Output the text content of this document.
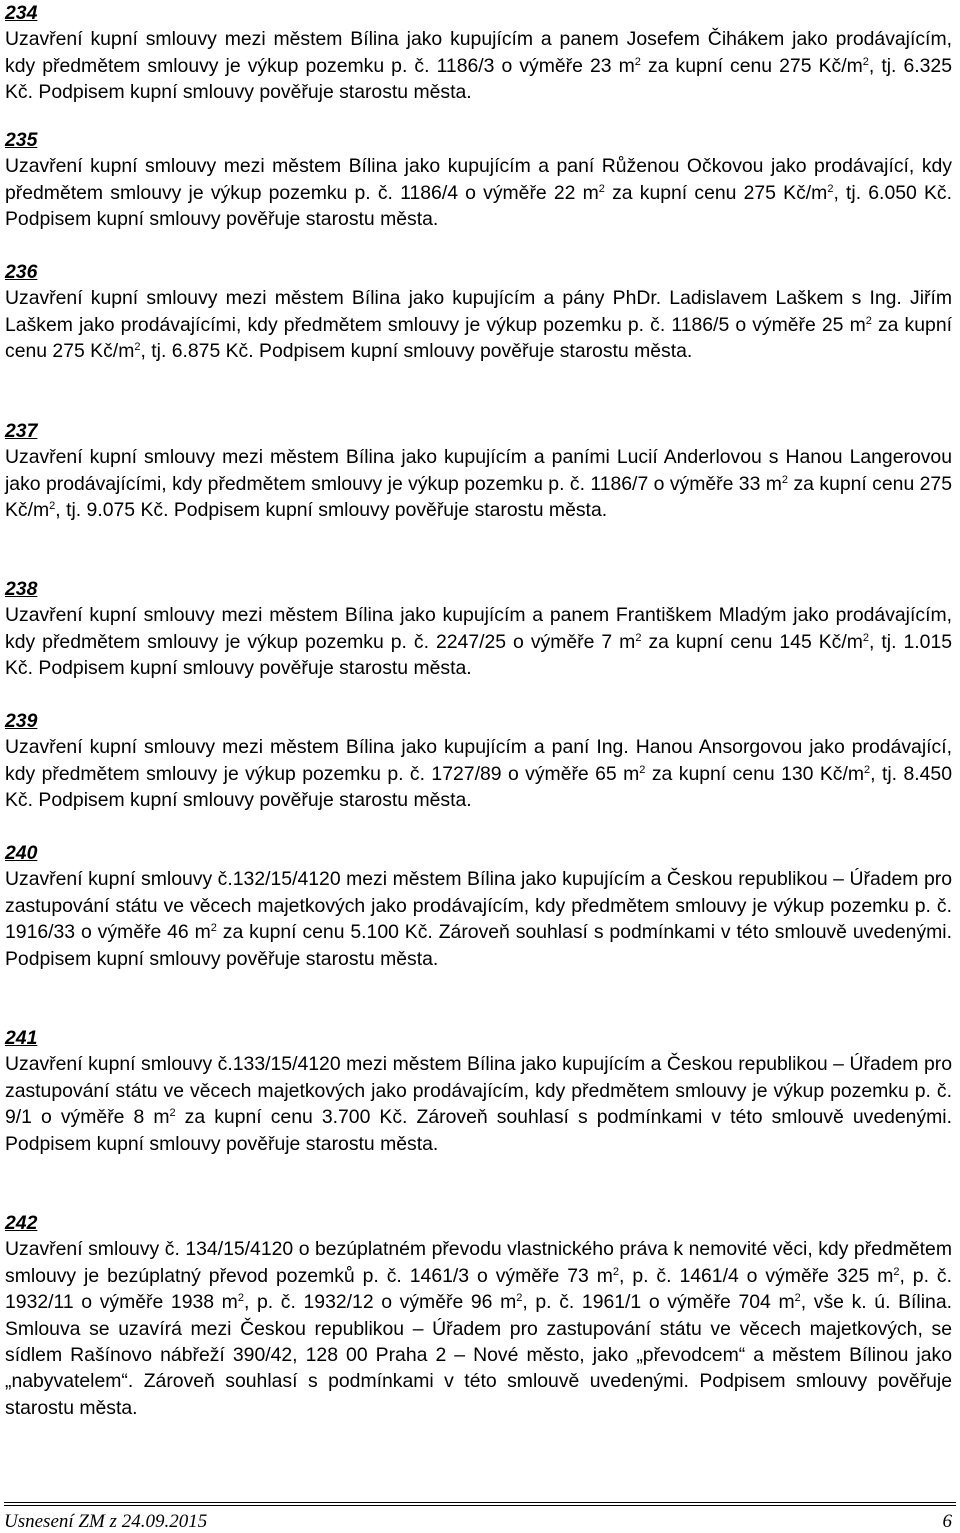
234
Uzavření kupní smlouvy mezi městem Bílina jako kupujícím a panem Josefem Čihákem jako prodávajícím, kdy předmětem smlouvy je výkup pozemku p. č. 1186/3 o výměře 23 $m^2$ za kupní cenu 275 $Kč/m^2$, tj. 6.325 Kč. Podpisem kupní smlouvy pověřuje starostu města.
235
Uzavření kupní smlouvy mezi městem Bílina jako kupujícím a paní Růženou Očkovou jako prodávající, kdy předmětem smlouvy je výkup pozemku p. č. 1186/4 o výměře 22 $m^2$ za kupní cenu 275 $Kč/m^2$, tj. 6.050 Kč. Podpisem kupní smlouvy pověřuje starostu města.
236
Uzavření kupní smlouvy mezi městem Bílina jako kupujícím a pány PhDr. Ladislavem Laškem s Ing. Jiřím Laškem jako prodávajícími, kdy předmětem smlouvy je výkup pozemku p. č. 1186/5 o výměře 25 $m^2$ za kupní cenu 275 $Kč/m^2$, tj. 6.875 Kč. Podpisem kupní smlouvy pověřuje starostu města.
237
Uzavření kupní smlouvy mezi městem Bílina jako kupujícím a paními Lucií Anderlovou s Hanou Langerovou jako prodávajícími, kdy předmětem smlouvy je výkup pozemku p. č. 1186/7 o výměře 33 $m^2$ za kupní cenu 275 $Kč/m^2$, tj. 9.075 Kč. Podpisem kupní smlouvy pověřuje starostu města.
238
Uzavření kupní smlouvy mezi městem Bílina jako kupujícím a panem Františkem Mladým jako prodávajícím, kdy předmětem smlouvy je výkup pozemku p. č. 2247/25 o výměře 7 $m^2$ za kupní cenu 145 $Kč/m^2$, tj. 1.015 Kč. Podpisem kupní smlouvy pověřuje starostu města.
239
Uzavření kupní smlouvy mezi městem Bílina jako kupujícím a paní Ing. Hanou Ansorgovou jako prodávající, kdy předmětem smlouvy je výkup pozemku p. č. 1727/89 o výměře 65 $m^2$ za kupní cenu 130 $Kč/m^2$, tj. 8.450 Kč. Podpisem kupní smlouvy pověřuje starostu města.
240
Uzavření kupní smlouvy č.132/15/4120 mezi městem Bílina jako kupujícím a Českou republikou – Úřadem pro zastupování státu ve věcech majetkových jako prodávajícím, kdy předmětem smlouvy je výkup pozemku p. č. 1916/33 o výměře 46 $m^2$ za kupní cenu 5.100 Kč. Zároveň souhlasí s podmínkami v této smlouvě uvedenými. Podpisem kupní smlouvy pověřuje starostu města.
241
Uzavření kupní smlouvy č.133/15/4120 mezi městem Bílina jako kupujícím a Českou republikou – Úřadem pro zastupování státu ve věcech majetkových jako prodávajícím, kdy předmětem smlouvy je výkup pozemku p. č. 9/1 o výměře 8 $m^2$ za kupní cenu 3.700 Kč. Zároveň souhlasí s podmínkami v této smlouvě uvedenými. Podpisem kupní smlouvy pověřuje starostu města.
242
Uzavření smlouvy č. 134/15/4120 o bezúplatném převodu vlastnického práva k nemovité věci, kdy předmětem smlouvy je bezúplatný převod pozemků p. č. 1461/3 o výměře 73 $m^2$, p. č. 1461/4 o výměře 325 $m^2$, p. č. 1932/11 o výměře 1938 $m^2$, p. č. 1932/12 o výměře 96 $m^2$, p. č. 1961/1 o výměře 704 $m^2$, vše k. ú. Bílina. Smlouva se uzavírá mezi Českou republikou – Úřadem pro zastupování státu ve věcech majetkových, se sídlem Rašínovo nábřeží 390/42, 128 00 Praha 2 – Nové město, jako „převodcem“ a městem Bílinou jako „nabyvatelem“. Zároveň souhlasí s podmínkami v této smlouvě uvedenými. Podpisem smlouvy pověřuje starostu města.
Usnesení ZM z 24.09.2015	6
